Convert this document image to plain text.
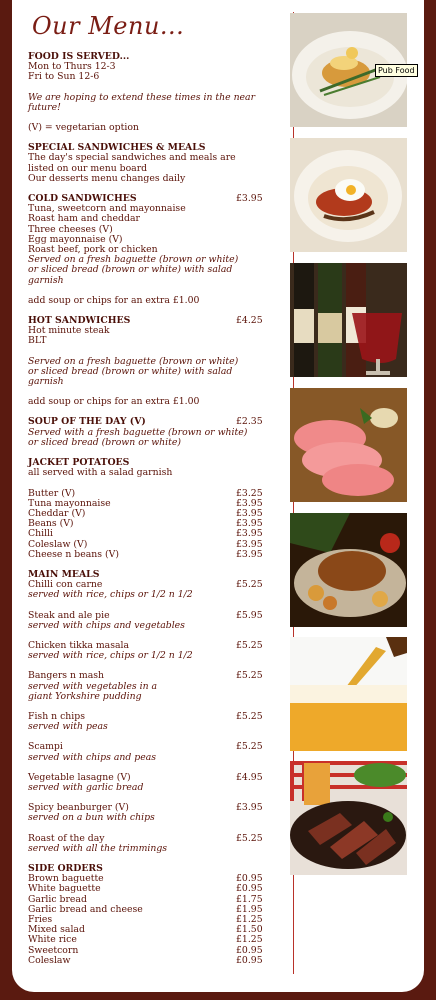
Our Menu...
FOOD IS SERVED...
Mon to Thurs 12-3
Fri to Sun 12-6
We are hoping to extend these times in the near
future!
(V) = vegetarian option
SPECIAL SANDWICHES & MEALS
The day's special sandwiches and meals are
listed on our menu board
Our desserts menu changes daily
COLD SANDWICHES	£3.95
Tuna, sweetcorn and mayonnaise
Roast ham and cheddar
Three cheeses (V)
Egg mayonnaise (V)
Roast beef, pork or chicken
Served on a fresh baguette (brown or white)
or sliced bread (brown or white) with salad
garnish
add soup or chips for an extra £1.00
HOT SANDWICHES	£4.25
Hot minute steak
BLT
Served on a fresh baguette (brown or white)
or sliced bread (brown or white) with salad
garnish
add soup or chips for an extra £1.00
SOUP OF THE DAY (V)	£2.35
Served with a fresh baguette (brown or white)
or sliced bread (brown or white)
JACKET POTATOES
all served with a salad garnish
Butter (V)	£3.25
Tuna mayonnaise	£3.95
Cheddar (V)	£3.95
Beans (V)	£3.95
Chilli	£3.95
Coleslaw (V)	£3.95
Cheese n beans (V)	£3.95
MAIN MEALS
Chilli con carne	£5.25
served with rice, chips or 1/2 n 1/2
Steak and ale pie	£5.95
served with chips and vegetables
Chicken tikka masala	£5.25
served with rice, chips or 1/2 n 1/2
Bangers n mash	£5.25
served with vegetables in a
giant Yorkshire pudding
Fish n chips	£5.25
served with peas
Scampi	£5.25
served with chips and peas
Vegetable lasagne (V)	£4.95
served with garlic bread
Spicy beanburger (V)	£3.95
served on a bun with chips
Roast of the day	£5.25
served with all the trimmings
SIDE ORDERS
Brown baguette	£0.95
White baguette	£0.95
Garlic bread	£1.75
Garlic bread and cheese	£1.95
Fries	£1.25
Mixed salad	£1.50
White rice	£1.25
Sweetcorn	£0.95
Coleslaw	£0.95
Pub Food
